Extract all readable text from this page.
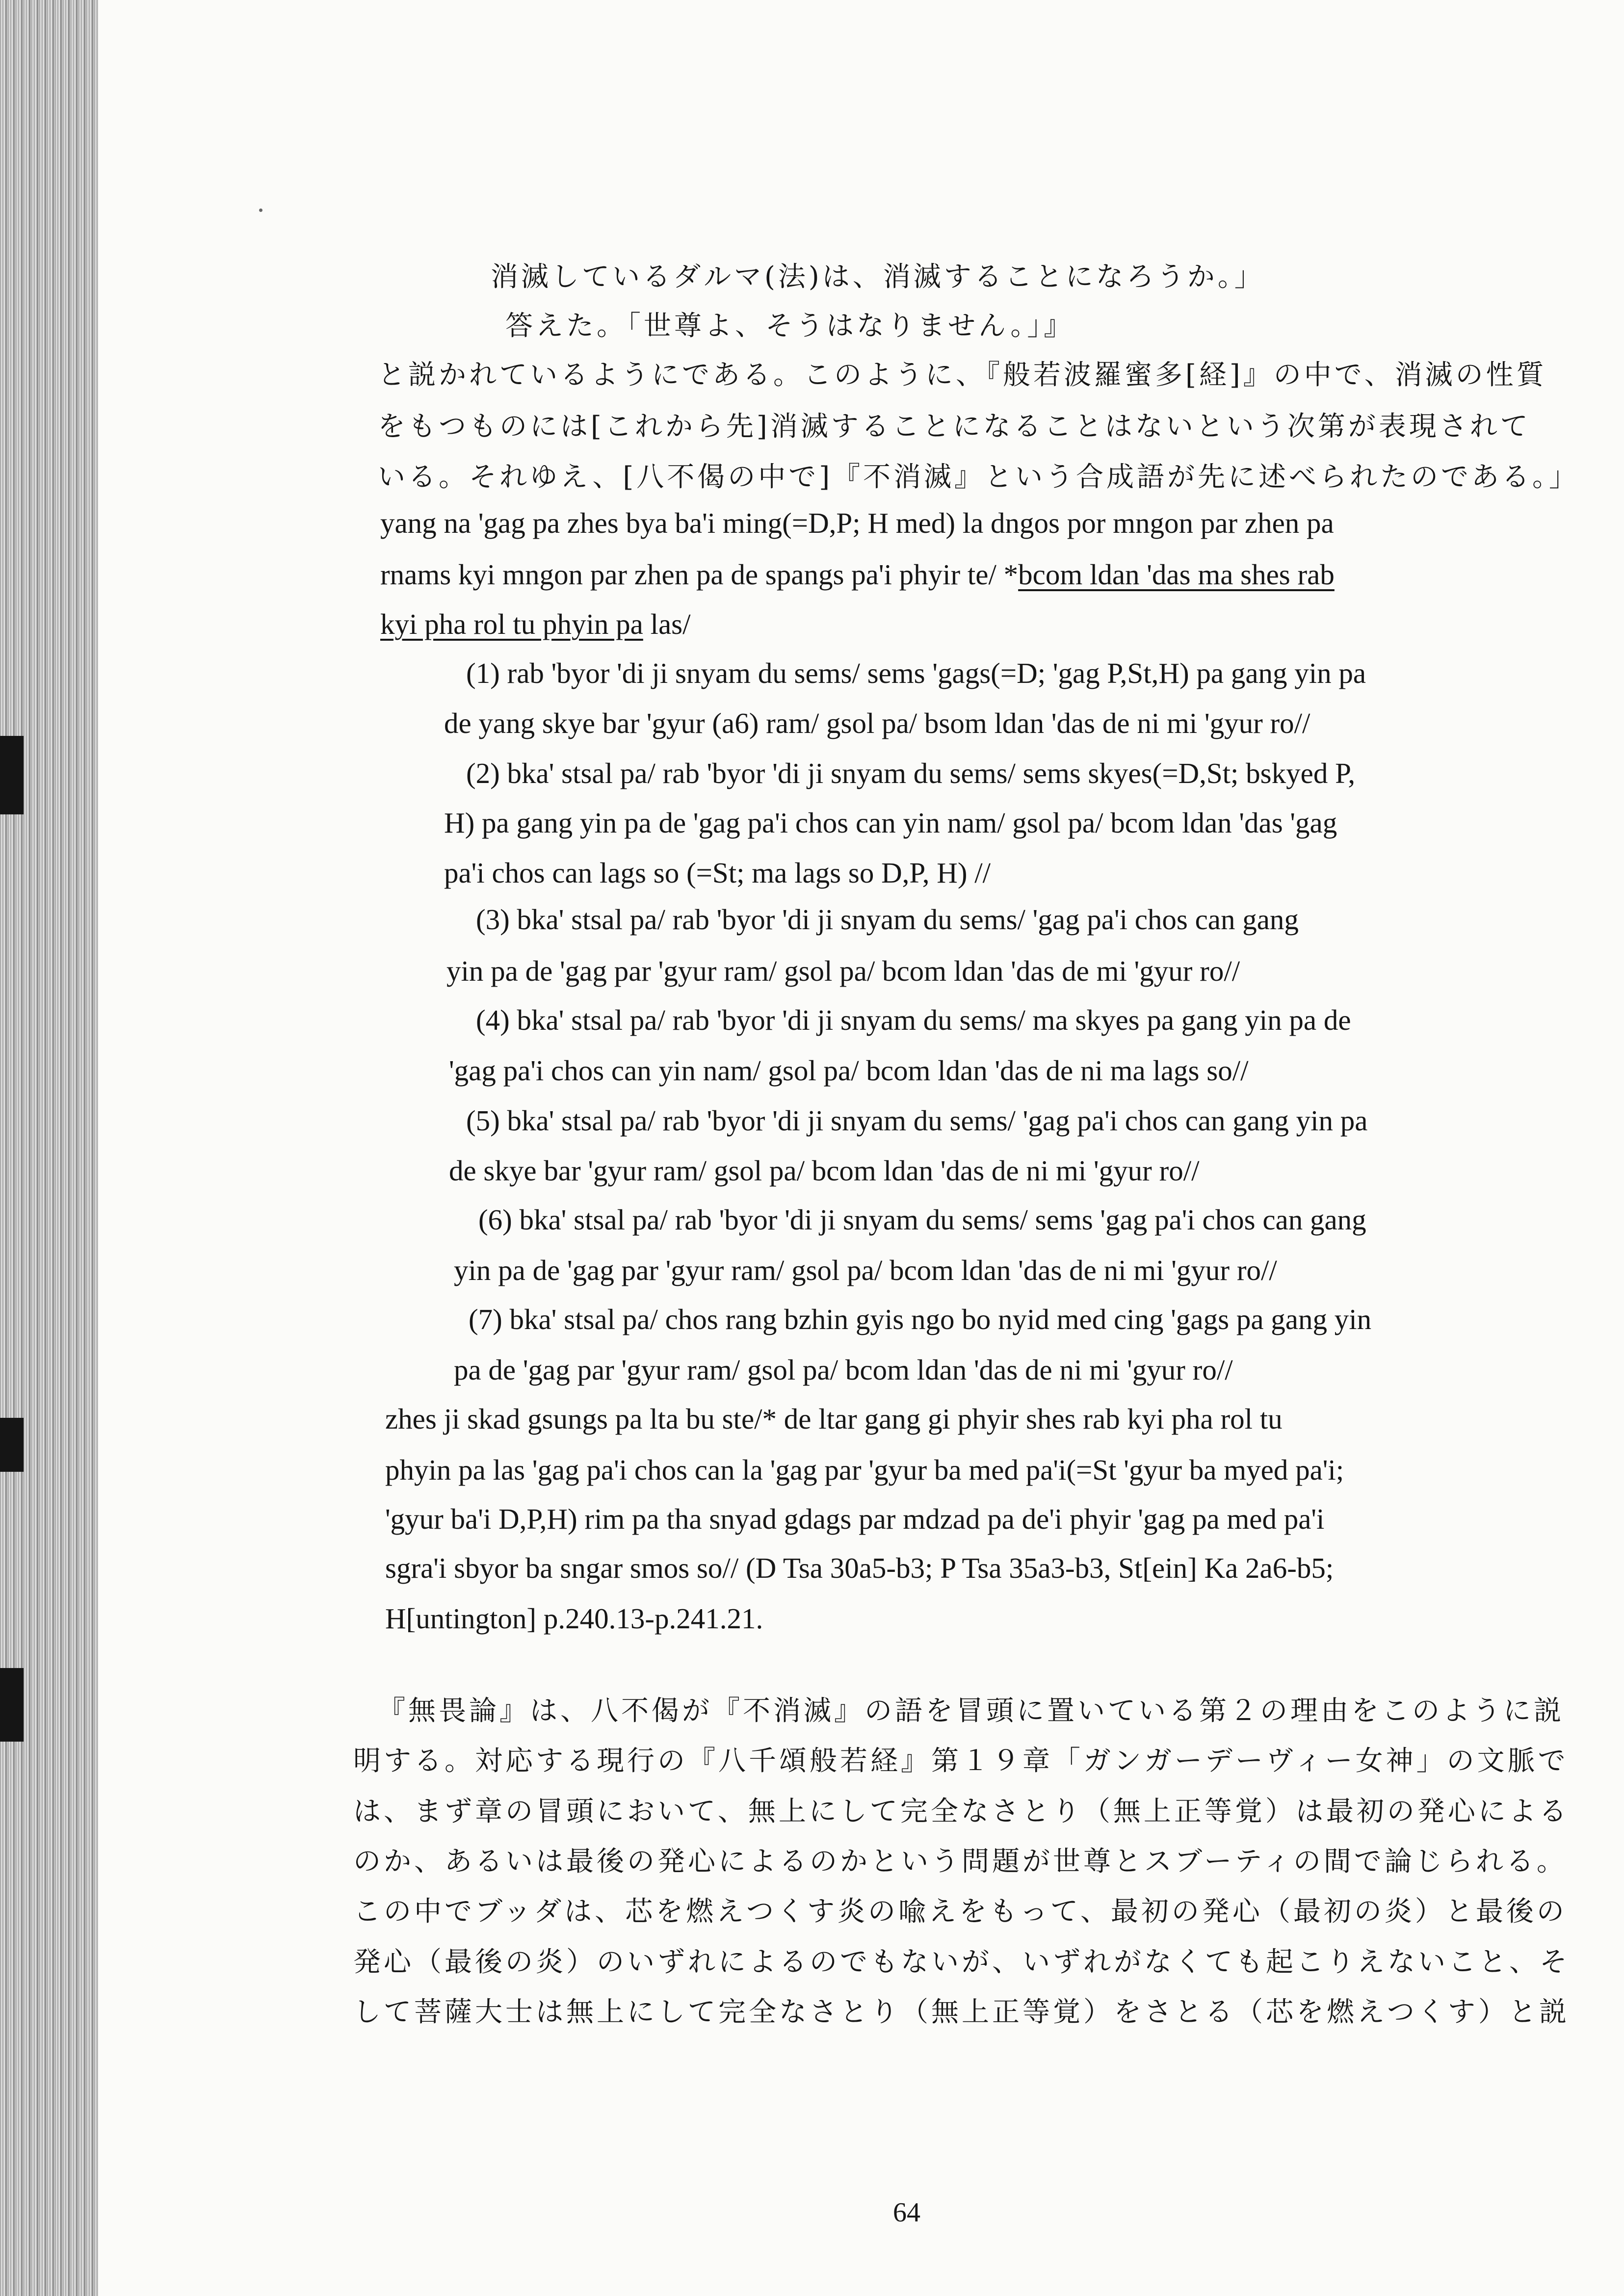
消滅しているダルマ(法)は、消滅することになろうか。」

答えた。「世尊よ、そうはなりません。」』

と説かれているようにである。このように、『般若波羅蜜多[経]』の中で、消滅の性質

をもつものには[これから先]消滅することになることはないという次第が表現されて

いる。それゆえ、[八不偈の中で]『不消滅』という合成語が先に述べられたのである。」

yang na 'gag pa zhes bya ba'i ming(=D,P; H med) la dngos por mngon par zhen pa

rnams kyi mngon par zhen pa de spangs pa'i phyir te/ *bcom ldan 'das ma shes rab

kyi pha rol tu phyin pa las/

(1) rab 'byor 'di ji snyam du sems/ sems 'gags(=D; 'gag P,St,H) pa gang yin pa

de yang skye bar 'gyur (a6) ram/ gsol pa/ bsom ldan 'das de ni mi 'gyur ro//

(2) bka' stsal pa/ rab 'byor 'di ji snyam du sems/ sems skyes(=D,St; bskyed P,

H) pa gang yin pa de 'gag pa'i chos can yin nam/ gsol pa/ bcom ldan 'das 'gag

pa'i chos can lags so (=St; ma lags so D,P, H) //

(3) bka' stsal pa/ rab 'byor 'di ji snyam du sems/ 'gag pa'i chos can gang

yin pa de 'gag par 'gyur ram/ gsol pa/ bcom ldan 'das de mi 'gyur ro//

(4) bka' stsal pa/ rab 'byor 'di ji snyam du sems/ ma skyes pa gang yin pa de

'gag pa'i chos can yin nam/ gsol pa/ bcom ldan 'das de ni ma lags so//

(5) bka' stsal pa/ rab 'byor 'di ji snyam du sems/ 'gag pa'i chos can gang yin pa

de skye bar 'gyur ram/ gsol pa/ bcom ldan 'das de ni mi 'gyur ro//

(6) bka' stsal pa/ rab 'byor 'di ji snyam du sems/ sems 'gag pa'i chos can gang

yin pa de 'gag par 'gyur ram/ gsol pa/ bcom ldan 'das de ni mi 'gyur ro//

(7) bka' stsal pa/ chos rang bzhin gyis ngo bo nyid med cing 'gags pa gang yin

pa de 'gag par 'gyur ram/ gsol pa/ bcom ldan 'das de ni mi 'gyur ro//

zhes ji skad gsungs pa lta bu ste/* de ltar gang gi phyir shes rab kyi pha rol tu

phyin pa las 'gag pa'i chos can la 'gag par 'gyur ba med pa'i(=St 'gyur ba myed pa'i;

'gyur ba'i D,P,H) rim pa tha snyad gdags par mdzad pa de'i phyir 'gag pa med pa'i

sgra'i sbyor ba sngar smos so// (D Tsa 30a5-b3; P Tsa 35a3-b3, St[ein] Ka 2a6-b5;

H[untington] p.240.13-p.241.21.

『無畏論』は、八不偈が『不消滅』の語を冒頭に置いている第２の理由をこのように説

明する。対応する現行の『八千頌般若経』第１９章「ガンガーデーヴィー女神」の文脈で

は、まず章の冒頭において、無上にして完全なさとり（無上正等覚）は最初の発心による

のか、あるいは最後の発心によるのかという問題が世尊とスブーティの間で論じられる。

この中でブッダは、芯を燃えつくす炎の喩えをもって、最初の発心（最初の炎）と最後の

発心（最後の炎）のいずれによるのでもないが、いずれがなくても起こりえないこと、そ

して菩薩大士は無上にして完全なさとり（無上正等覚）をさとる（芯を燃えつくす）と説

64
